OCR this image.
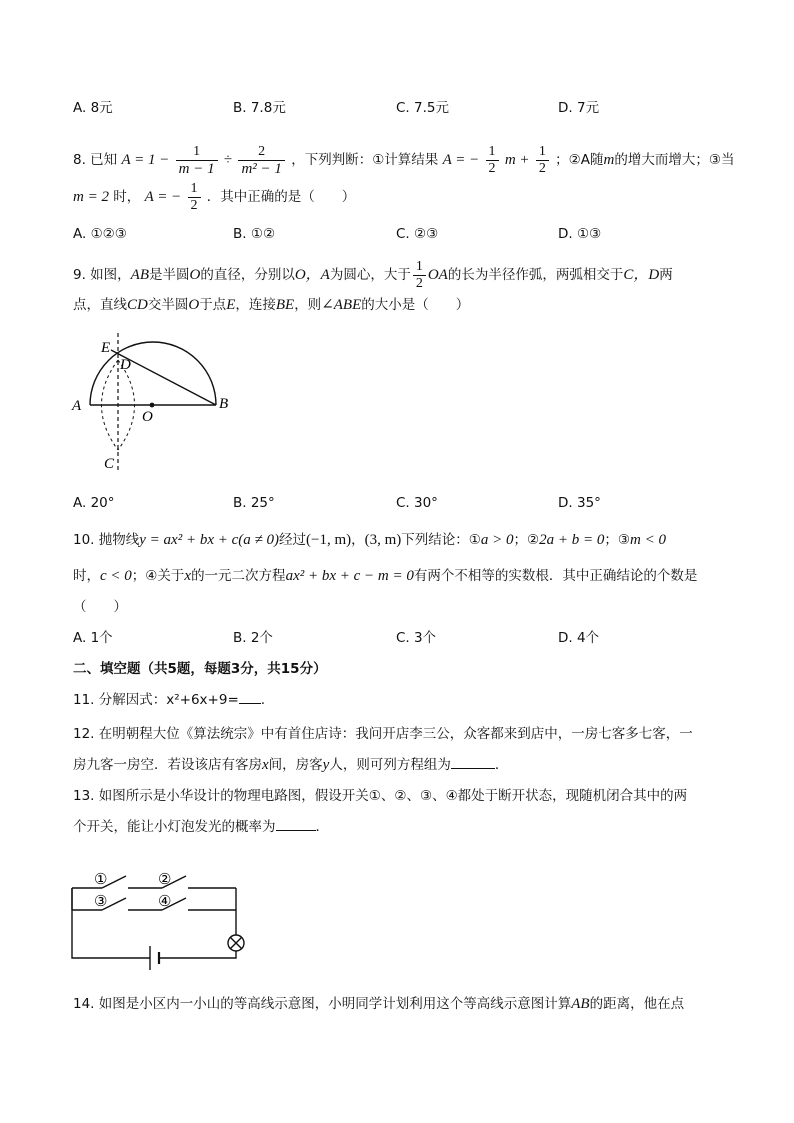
A. 8元	B. 7.8元	C. 7.5元	D. 7元
8. 已知 $A = 1 - \frac{1}{m - 1} \div \frac{2}{\text{m² − 1}}$ ，下列判断：①计算结果 A = − $\frac{1}{2}$ $m + \frac{1}{2}$ ；②A随m的增大而增大；③当
m = 2 时， A = − $\frac{1}{2}$ ．其中正确的是（　　）
A. ①②③	B. ①②	C. ②③	D. ①③
9. 如图，AB是半圆O的直径，分别以O，A为圆心，大于 $\frac{1}{2}$ OA的长为半径作弧，两弧相交于C，D两
点，直线CD交半圆O于点E，连接BE，则∠ABE的大小是（　　）
E
D
A
O
B
C
A. 20°	B. 25°	C. 30°	D. 35°
10. 抛物线y = ax² + bx + c(a ≠ 0)经过(−1, m)，(3, m)下列结论：①a > 0；②2a + b = 0；③m < 0
时，c < 0；④关于x的一元二次方程ax² + bx + c − m = 0有两个不相等的实数根．其中正确结论的个数是
（　　）
A. 1个	B. 2个	C. 3个	D. 4个
二、填空题（共5题，每题3分，共15分）
11. 分解因式：x²+6x+9= .
12. 在明朝程大位《算法统宗》中有首住店诗：我问开店李三公，众客都来到店中，一房七客多七客，一
房九客一房空．若设该店有客房x间，房客y人，则可列方程组为	．
13. 如图所示是小华设计的物理电路图，假设开关①、②、③、④都处于断开状态，现随机闭合其中的两
个开关，能让小灯泡发光的概率为	．
①	②
③	④
14. 如图是小区内一小山的等高线示意图，小明同学计划利用这个等高线示意图计算AB的距离，他在点
